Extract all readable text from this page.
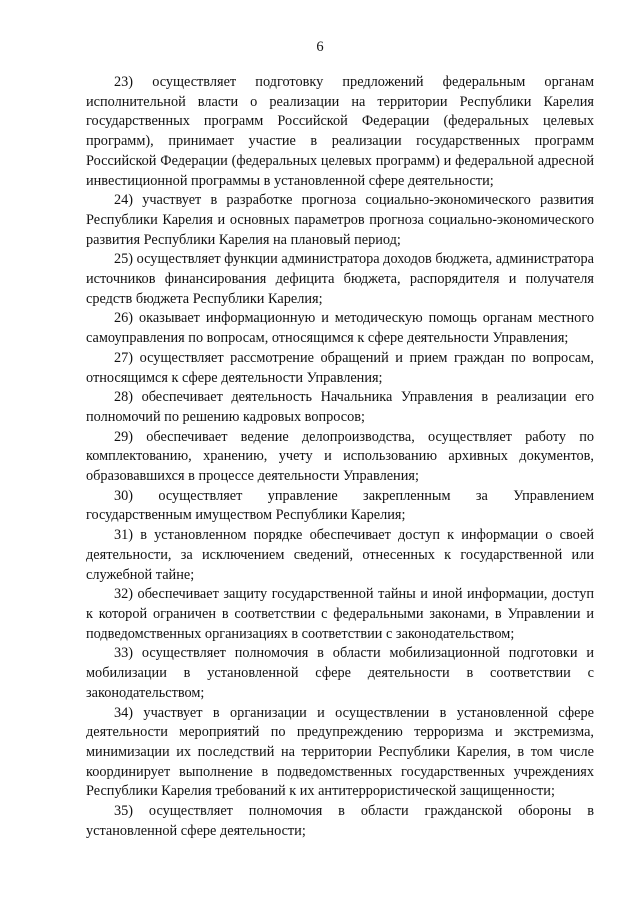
6

23) осуществляет подготовку предложений федеральным органам исполнительной власти о реализации на территории Республики Карелия государственных программ Российской Федерации (федеральных целевых программ), принимает участие в реализации государственных программ Российской Федерации (федеральных целевых программ) и федеральной адресной инвестиционной программы в установленной сфере деятельности;

24) участвует в разработке прогноза социально-экономического развития Республики Карелия и основных параметров прогноза социально-экономического развития Республики Карелия на плановый период;

25) осуществляет функции администратора доходов бюджета, администратора источников финансирования дефицита бюджета, распорядителя и получателя средств бюджета Республики Карелия;

26) оказывает информационную и методическую помощь органам местного самоуправления по вопросам, относящимся к сфере деятельности Управления;

27) осуществляет рассмотрение обращений и прием граждан по вопросам, относящимся к сфере деятельности Управления;

28) обеспечивает деятельность Начальника Управления в реализации его полномочий по решению кадровых вопросов;

29) обеспечивает ведение делопроизводства, осуществляет работу по комплектованию, хранению, учету и использованию архивных документов, образовавшихся в процессе деятельности Управления;

30) осуществляет управление закрепленным за Управлением государственным имуществом Республики Карелия;

31) в установленном порядке обеспечивает доступ к информации о своей деятельности, за исключением сведений, отнесенных к государственной или служебной тайне;

32) обеспечивает защиту государственной тайны и иной информации, доступ к которой ограничен в соответствии с федеральными законами, в Управлении и подведомственных организациях в соответствии с законодательством;

33) осуществляет полномочия в области мобилизационной подготовки и мобилизации в установленной сфере деятельности в соответствии с законодательством;

34) участвует в организации и осуществлении в установленной сфере деятельности мероприятий по предупреждению терроризма и экстремизма, минимизации их последствий на территории Республики Карелия, в том числе координирует выполнение в подведомственных государственных учреждениях Республики Карелия требований к их антитеррористической защищенности;

35) осуществляет полномочия в области гражданской обороны в установленной сфере деятельности;
